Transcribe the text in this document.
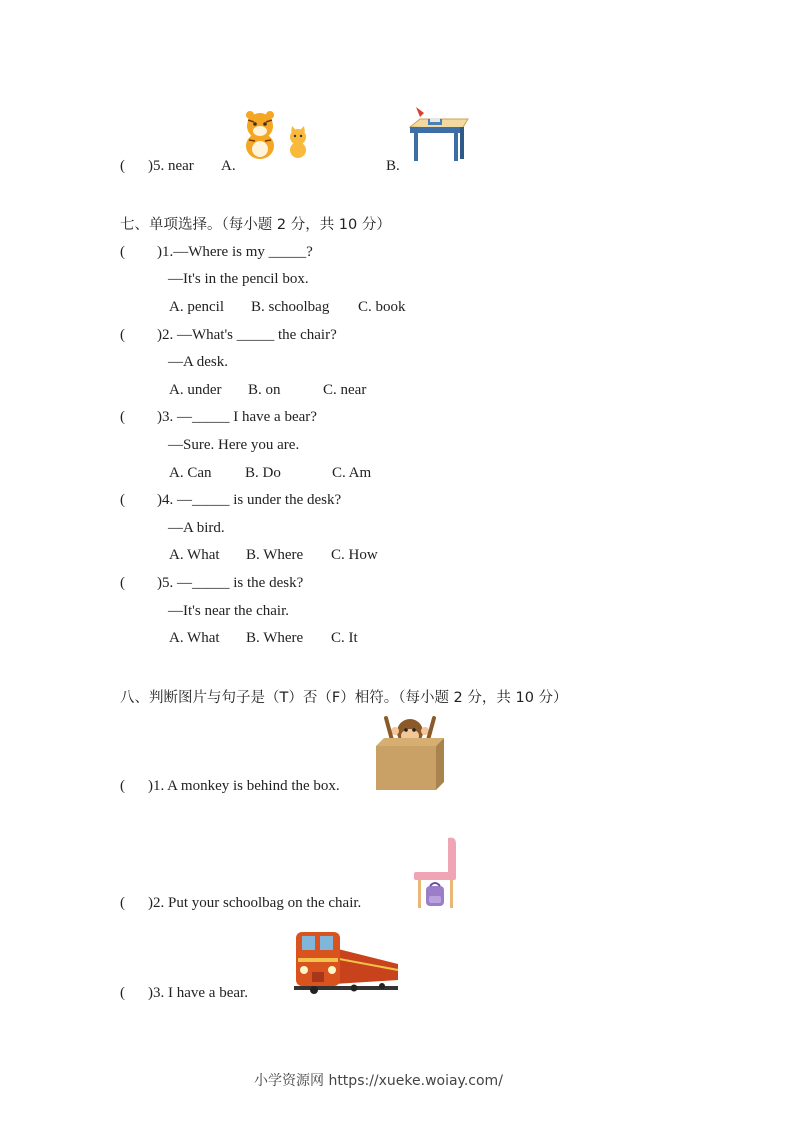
( )5. near A.	B.
七、单项选择。（每小题 2 分，共 10 分）
( )1.—Where is my _____?
—It's in the pencil box.
A. pencil B. schoolbag C. book
( )2. —What's _____ the chair?
—A desk.
A. under B. on	C. near
( )3. —_____ I have a bear?
—Sure. Here you are.
A. Can B. Do	C. Am
( )4. —_____ is under the desk?
—A bird.
A. What B. Where C. How
( )5. —_____ is the desk?
—It's near the chair.
A. What B. Where C. It
八、判断图片与句子是（T）否（F）相符。（每小题 2 分，共 10 分）
( )1. A monkey is behind the box.
( )2. Put your schoolbag on the chair.
( )3. I have a bear.
小学资源网 https://xueke.woiay.com/
